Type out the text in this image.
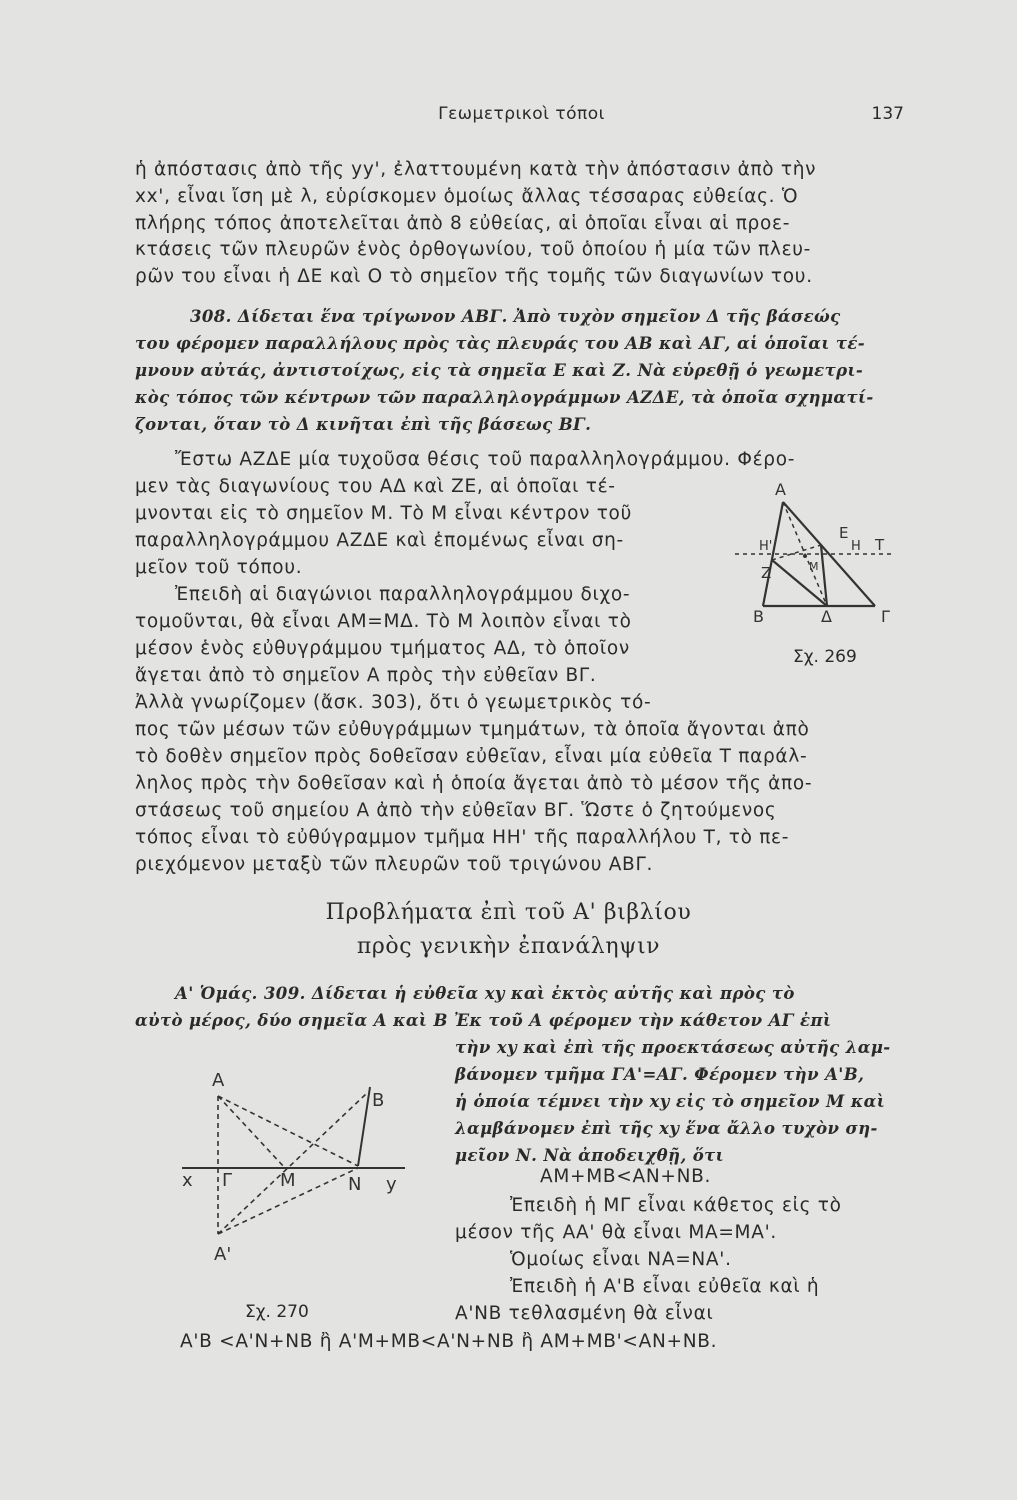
Γεωμετρικοὶ τόποι	137
ἡ ἀπόστασις ἀπὸ τῆς yy', ἐλαττουμένη κατὰ τὴν ἀπόστασιν ἀπὸ τὴν
xx', εἶναι ἴση μὲ λ, εὑρίσκομεν ὁμοίως ἄλλας τέσσαρας εὐθείας. Ὁ
πλήρης τόπος ἀποτελεῖται ἀπὸ 8 εὐθείας, αἱ ὁποῖαι εἶναι αἱ προε-
κτάσεις τῶν πλευρῶν ἑνὸς ὀρθογωνίου, τοῦ ὁποίου ἡ μία τῶν πλευ-
ρῶν του εἶναι ἡ ΔΕ καὶ Ο τὸ σημεῖον τῆς τομῆς τῶν διαγωνίων του.
308. Δίδεται ἕνα τρίγωνον ΑΒΓ. Ἀπὸ τυχὸν σημεῖον Δ τῆς βάσεώς
του φέρομεν παραλλήλους πρὸς τὰς πλευράς του ΑΒ καὶ ΑΓ, αἱ ὁποῖαι τέ-
μνουν αὐτάς, ἀντιστοίχως, εἰς τὰ σημεῖα Ε καὶ Ζ. Νὰ εὑρεθῇ ὁ γεωμετρι-
κὸς τόπος τῶν κέντρων τῶν παραλληλογράμμων ΑΖΔΕ, τὰ ὁποῖα σχηματί-
ζονται, ὅταν τὸ Δ κινῆται ἐπὶ τῆς βάσεως ΒΓ.
Ἔστω ΑΖΔΕ μία τυχοῦσα θέσις τοῦ παραλληλογράμμου. Φέρο-
μεν τὰς διαγωνίους του ΑΔ καὶ ΖΕ, αἱ ὁποῖαι τέ-
μνονται εἰς τὸ σημεῖον Μ. Τὸ Μ εἶναι κέντρον τοῦ
παραλληλογράμμου ΑΖΔΕ καὶ ἑπομένως εἶναι ση-
μεῖον τοῦ τόπου.
Ἐπειδὴ αἱ διαγώνιοι παραλληλογράμμου διχο-
τομοῦνται, θὰ εἶναι ΑΜ=ΜΔ. Τὸ Μ λοιπὸν εἶναι τὸ
μέσον ἑνὸς εὐθυγράμμου τμήματος ΑΔ, τὸ ὁποῖον
ἄγεται ἀπὸ τὸ σημεῖον Α πρὸς τὴν εὐθεῖαν ΒΓ.
Ἀλλὰ γνωρίζομεν (ἄσκ. 303), ὅτι ὁ γεωμετρικὸς τό-
πος τῶν μέσων τῶν εὐθυγράμμων τμημάτων, τὰ ὁποῖα ἄγονται ἀπὸ
τὸ δοθὲν σημεῖον πρὸς δοθεῖσαν εὐθεῖαν, εἶναι μία εὐθεῖα Τ παράλ-
ληλος πρὸς τὴν δοθεῖσαν καὶ ἡ ὁποία ἄγεται ἀπὸ τὸ μέσον τῆς ἀπο-
στάσεως τοῦ σημείου Α ἀπὸ τὴν εὐθεῖαν ΒΓ. Ὥστε ὁ ζητούμενος
τόπος εἶναι τὸ εὐθύγραμμον τμῆμα ΗΗ' τῆς παραλλήλου Τ, τὸ πε-
ριεχόμενον μεταξὺ τῶν πλευρῶν τοῦ τριγώνου ΑΒΓ.
A
E
H'	H T
Z	M
B	Δ	Γ
Σχ. 269
Προβλήματα ἐπὶ τοῦ Α' βιβλίου
πρὸς γενικὴν ἐπανάληψιν
Α' Ὁμάς. 309. Δίδεται ἡ εὐθεῖα xy καὶ ἐκτὸς αὐτῆς καὶ πρὸς τὸ
αὐτὸ μέρος, δύο σημεῖα Α καὶ Β Ἐκ τοῦ Α φέρομεν τὴν κάθετον ΑΓ ἐπὶ
τὴν xy καὶ ἐπὶ τῆς προεκτάσεως αὐτῆς λαμ-
βάνομεν τμῆμα ΓΑ'=ΑΓ. Φέρομεν τὴν Α'Β,
ἡ ὁποία τέμνει τὴν xy εἰς τὸ σημεῖον Μ καὶ
λαμβάνομεν ἐπὶ τῆς xy ἕνα ἄλλο τυχὸν ση-
μεῖον Ν. Νὰ ἀποδειχθῇ, ὅτι
ΑΜ+ΜΒ<ΑΝ+ΝΒ.
Ἐπειδὴ ἡ ΜΓ εἶναι κάθετος εἰς τὸ
μέσον τῆς ΑΑ' θὰ εἶναι ΜΑ=ΜΑ'.
Ὁμοίως εἶναι ΝΑ=ΝΑ'.
Ἐπειδὴ ἡ Α'Β εἶναι εὐθεῖα καὶ ἡ
Α'ΝΒ τεθλασμένη θὰ εἶναι
Α'Β <Α'Ν+ΝΒ ἢ Α'Μ+ΜΒ<Α'Ν+ΝΒ ἢ ΑΜ+ΜΒ'<ΑΝ+ΝΒ.
A
B
x Γ	M	N y
A'
Σχ. 270
